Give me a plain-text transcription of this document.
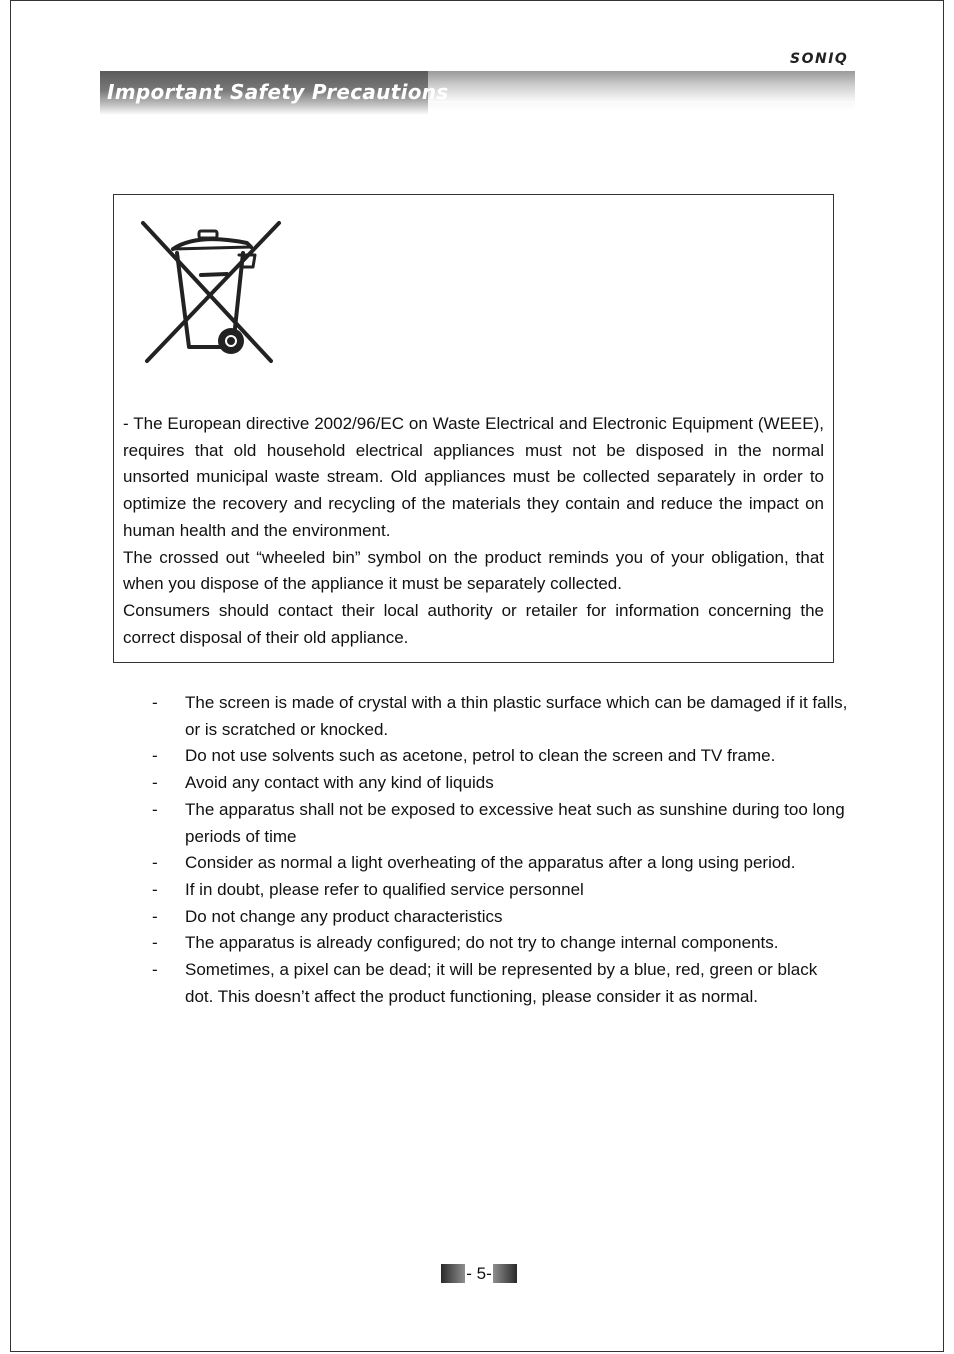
SONIQ
Important Safety Precautions

- The European directive 2002/96/EC on Waste Electrical and Electronic Equipment (WEEE), requires that old household electrical appliances must not be disposed in the normal unsorted municipal waste stream. Old appliances must be collected separately in order to optimize the recovery and recycling of the materials they contain and reduce the impact on human health and the environment.

The crossed out “wheeled bin” symbol on the product reminds you of your obligation, that when you dispose of the appliance it must be separately collected.

Consumers should contact their local authority or retailer for information concerning the correct disposal of their old appliance.

- The screen is made of crystal with a thin plastic surface which can be damaged if it falls, or is scratched or knocked.
- Do not use solvents such as acetone, petrol to clean the screen and TV frame.
- Avoid any contact with any kind of liquids
- The apparatus shall not be exposed to excessive heat such as sunshine during too long periods of time
- Consider as normal a light overheating of the apparatus after a long using period.
- If in doubt, please refer to qualified service personnel
- Do not change any product characteristics
- The apparatus is already configured; do not try to change internal components.
- Sometimes, a pixel can be dead; it will be represented by a blue, red, green or black dot. This doesn’t affect the product functioning, please consider it as normal.
- 5-
